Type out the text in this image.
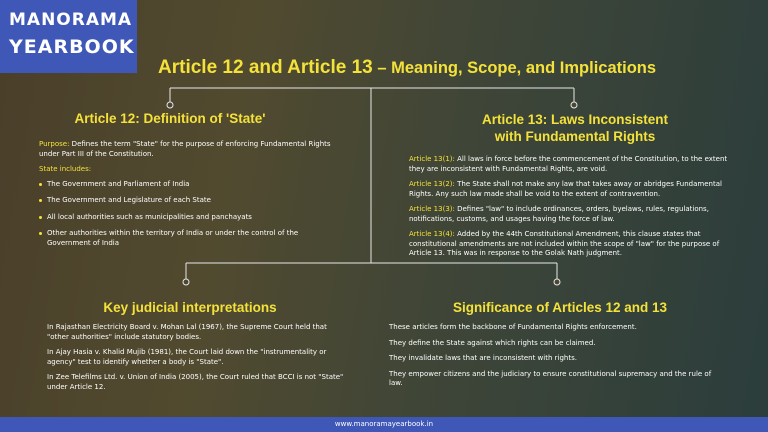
MANORAMA
YEARBOOK
Article 12 and Article 13 – Meaning, Scope, and Implications
Article 12: Definition of 'State'
Purpose: Defines the term "State" for the purpose of enforcing Fundamental Rights under Part III of the Constitution.
State includes:
The Government and Parliament of India
The Government and Legislature of each State
All local authorities such as municipalities and panchayats
Other authorities within the territory of India or under the control of the Government of India
Article 13: Laws Inconsistent
with Fundamental Rights
Article 13(1): All laws in force before the commencement of the Constitution, to the extent they are inconsistent with Fundamental Rights, are void.
Article 13(2): The State shall not make any law that takes away or abridges Fundamental Rights. Any such law made shall be void to the extent of contravention.
Article 13(3): Defines "law" to include ordinances, orders, byelaws, rules, regulations, notifications, customs, and usages having the force of law.
Article 13(4): Added by the 44th Constitutional Amendment, this clause states that constitutional amendments are not included within the scope of "law" for the purpose of Article 13. This was in response to the Golak Nath judgment.
Key judicial interpretations
In Rajasthan Electricity Board v. Mohan Lal (1967), the Supreme Court held that "other authorities" include statutory bodies.
In Ajay Hasia v. Khalid Mujib (1981), the Court laid down the "instrumentality or agency" test to identify whether a body is "State".
In Zee Telefilms Ltd. v. Union of India (2005), the Court ruled that BCCI is not "State" under Article 12.
Significance of Articles 12 and 13
These articles form the backbone of Fundamental Rights enforcement.
They define the State against which rights can be claimed.
They invalidate laws that are inconsistent with rights.
They empower citizens and the judiciary to ensure constitutional supremacy and the rule of law.
www.manoramayearbook.in
